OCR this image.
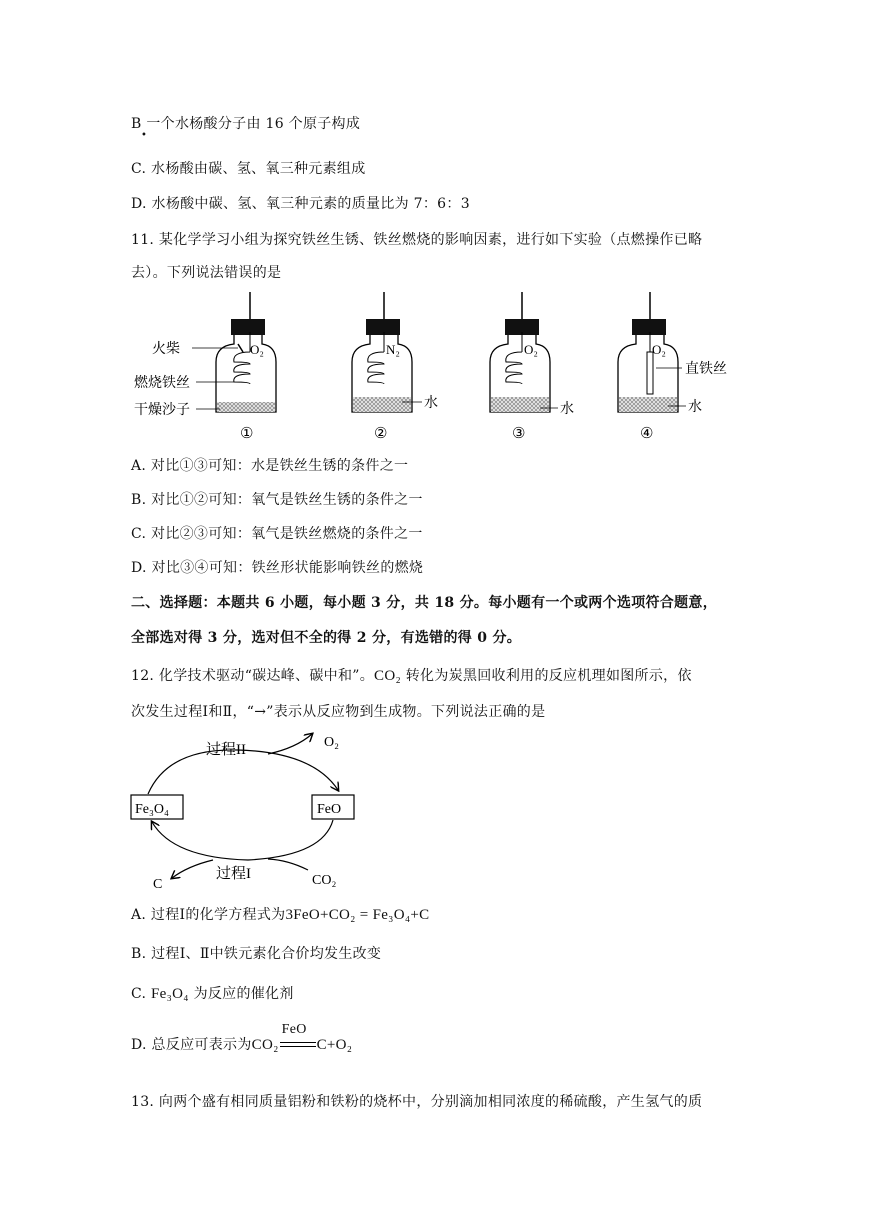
B 一个水杨酸分子由 16 个原子构成
•
C. 水杨酸由碳、氢、氧三种元素组成
D. 水杨酸中碳、氢、氧三种元素的质量比为 7：6：3
11. 某化学学习小组为探究铁丝生锈、铁丝燃烧的影响因素，进行如下实验（点燃操作已略
去）。下列说法错误的是
O₂
火柴
燃烧铁丝
干燥沙子
①
N₂
水
②
O₂
水
③
O₂
直铁丝
水
④
A. 对比①③可知：水是铁丝生锈的条件之一
B. 对比①②可知：氧气是铁丝生锈的条件之一
C. 对比②③可知：氧气是铁丝燃烧的条件之一
D. 对比③④可知：铁丝形状能影响铁丝的燃烧
二、选择题：本题共 6 小题，每小题 3 分，共 18 分。每小题有一个或两个选项符合题意，
全部选对得 3 分，选对但不全的得 2 分，有选错的得 0 分。
12. 化学技术驱动“碳达峰、碳中和”。CO₂ 转化为炭黑回收利用的反应机理如图所示，依
次发生过程Ⅰ和Ⅱ，“→”表示从反应物到生成物。下列说法正确的是
过程II	O₂
Fe₃O₄	FeO
过程I
C	CO₂
A. 过程Ⅰ的化学方程式为3FeO+CO₂ = Fe₃O₄+C
B. 过程Ⅰ、Ⅱ中铁元素化合价均发生改变
C. Fe₃O₄ 为反应的催化剂
D. 总反应可表示为CO₂
FeO
C+O₂
13. 向两个盛有相同质量铝粉和铁粉的烧杯中，分别滴加相同浓度的稀硫酸，产生氢气的质
